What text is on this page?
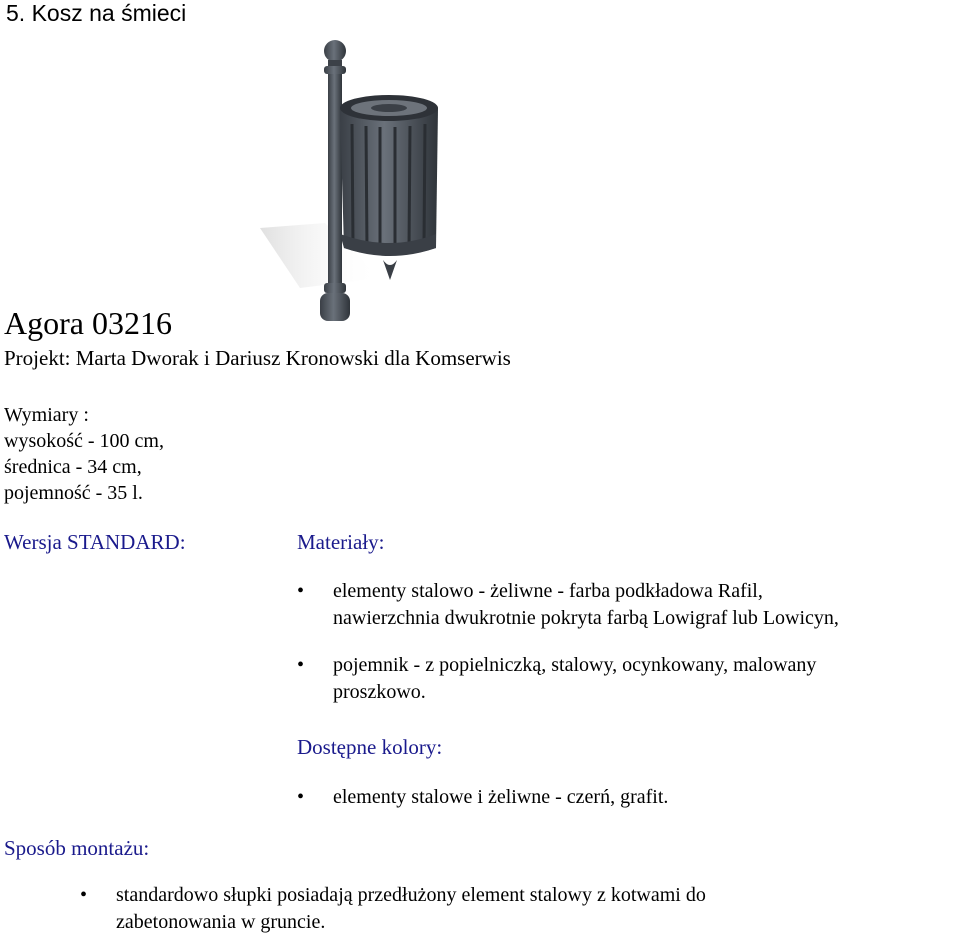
5. Kosz na śmieci
Agora 03216
Projekt: Marta Dworak i Dariusz Kronowski dla Komserwis
Wymiary :
wysokość - 100 cm,
średnica - 34 cm,
pojemność - 35 l.
Wersja STANDARD:	Materiały:
• elementy stalowo - żeliwne - farba podkładowa Rafil,
nawierzchnia dwukrotnie pokryta farbą Lowigraf lub Lowicyn,
• pojemnik - z popielniczką, stalowy, ocynkowany, malowany
proszkowo.
Dostępne kolory:
• elementy stalowe i żeliwne - czerń, grafit.
Sposób montażu:
• standardowo słupki posiadają przedłużony element stalowy z kotwami do
zabetonowania w gruncie.
